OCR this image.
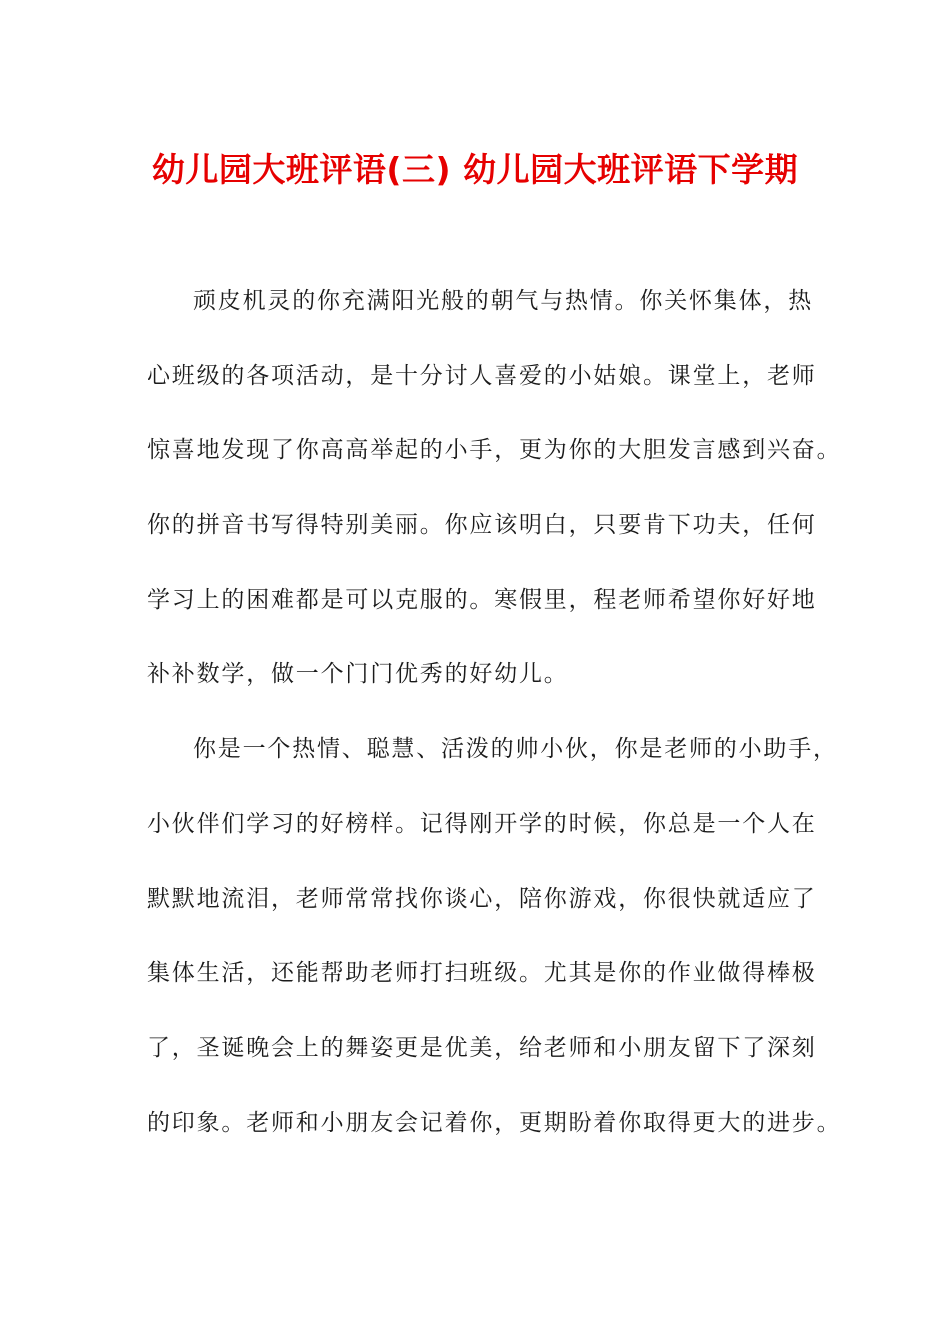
幼儿园大班评语(三) 幼儿园大班评语下学期
顽皮机灵的你充满阳光般的朝气与热情。你关怀集体，热
心班级的各项活动，是十分讨人喜爱的小姑娘。课堂上，老师
惊喜地发现了你高高举起的小手，更为你的大胆发言感到兴奋。
你的拼音书写得特别美丽。你应该明白，只要肯下功夫，任何
学习上的困难都是可以克服的。寒假里，程老师希望你好好地
补补数学，做一个门门优秀的好幼儿。
你是一个热情、聪慧、活泼的帅小伙，你是老师的小助手，
小伙伴们学习的好榜样。记得刚开学的时候，你总是一个人在
默默地流泪，老师常常找你谈心，陪你游戏，你很快就适应了
集体生活，还能帮助老师打扫班级。尤其是你的作业做得棒极
了，圣诞晚会上的舞姿更是优美，给老师和小朋友留下了深刻
的印象。老师和小朋友会记着你，更期盼着你取得更大的进步。
